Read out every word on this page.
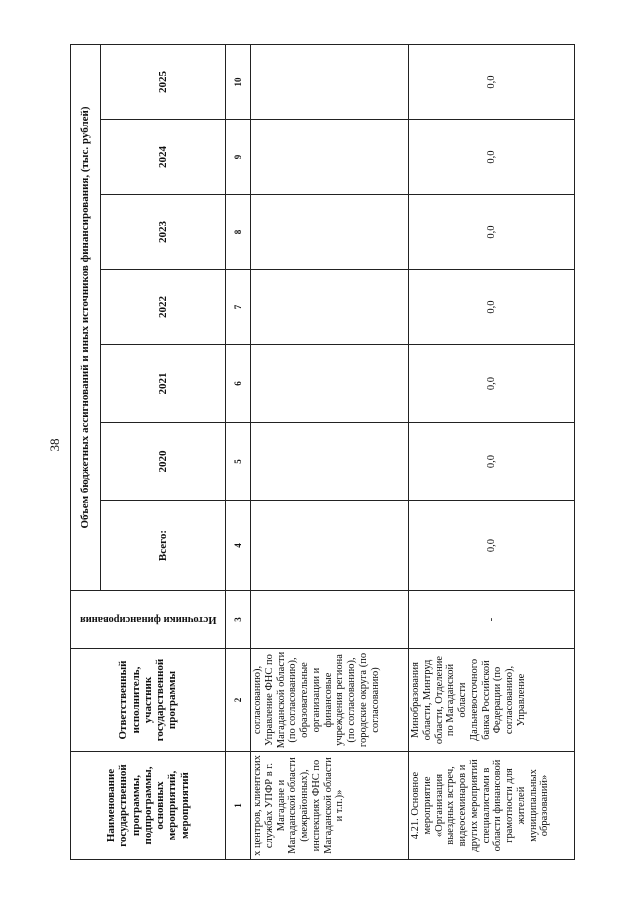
38
Наименование государственной программы, подпрограммы, основных мероприятий, мероприятий	Ответственный исполнитель, участник государственной программы	Источники финансирования	Объем бюджетных ассигнований и иных источников финансирования, (тыс. рублей)						
			Всего:	2020	2021	2022	2023	2024	2025
1	2	3	4	5	6	7	8	9	10
х центров, клиентских службах УПФР в г. Магадане и Магаданской области (межрайонных), инспекциях ФНС по Магаданской области и т.п.)»	согласованию), Управление ФНС по Магаданской области (по согласованию), образовательные организации и финансовые учреждения региона (по согласованию), городские округа (по согласованию)								
4.21. Основное мероприятие «Организация выездных встреч, видеосеминаров и других мероприятий специалистами в области финансовой грамотности для жителей муниципальных образований»	Минобразования области, Минтруд области, Отделение по Магаданской области Дальневосточного банка Российской Федерации (по согласованию), Управление	-	0,0	0,0	0,0	0,0	0,0	0,0	0,0
